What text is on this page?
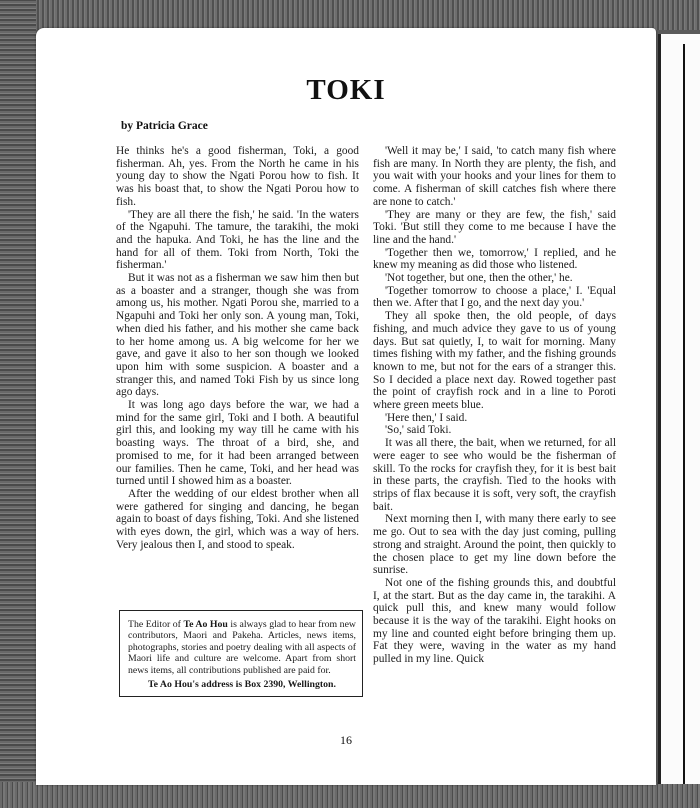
TOKI
by Patricia Grace

He thinks he's a good fisherman, Toki, a good fisherman. Ah, yes. From the North he came in his young day to show the Ngati Porou how to fish. It was his boast that, to show the Ngati Porou how to fish.

'They are all there the fish,' he said. 'In the waters of the Ngapuhi. The tamure, the tarakihi, the moki and the hapuka. And Toki, he has the line and the hand for all of them. Toki from North, Toki the fisherman.'

But it was not as a fisherman we saw him then but as a boaster and a stranger, though she was from among us, his mother. Ngati Porou she, married to a Ngapuhi and Toki her only son. A young man, Toki, when died his father, and his mother she came back to her home among us. A big welcome for her we gave, and gave it also to her son though we looked upon him with some suspicion. A boaster and a stranger this, and named Toki Fish by us since long ago days.

It was long ago days before the war, we had a mind for the same girl, Toki and I both. A beautiful girl this, and looking my way till he came with his boasting ways. The throat of a bird, she, and promised to me, for it had been arranged between our families. Then he came, Toki, and her head was turned until I showed him as a boaster.

After the wedding of our eldest brother when all were gathered for singing and dancing, he began again to boast of days fishing, Toki. And she listened with eyes down, the girl, which was a way of hers. Very jealous then I, and stood to speak.

'Well it may be,' I said, 'to catch many fish where fish are many. In North they are plenty, the fish, and you wait with your hooks and your lines for them to come. A fisherman of skill catches fish where there are none to catch.'

'They are many or they are few, the fish,' said Toki. 'But still they come to me because I have the line and the hand.'

'Together then we, tomorrow,' I replied, and he knew my meaning as did those who listened.

'Not together, but one, then the other,' he.

'Together tomorrow to choose a place,' I. 'Equal then we. After that I go, and the next day you.'

They all spoke then, the old people, of days fishing, and much advice they gave to us of young days. But sat quietly, I, to wait for morning. Many times fishing with my father, and the fishing grounds known to me, but not for the ears of a stranger this. So I decided a place next day. Rowed together past the point of crayfish rock and in a line to Poroti where green meets blue.

'Here then,' I said.

'So,' said Toki.

It was all there, the bait, when we returned, for all were eager to see who would be the fisherman of skill. To the rocks for crayfish they, for it is best bait in these parts, the crayfish. Tied to the hooks with strips of flax because it is soft, very soft, the crayfish bait.

Next morning then I, with many there early to see me go. Out to sea with the day just coming, pulling strong and straight. Around the point, then quickly to the chosen place to get my line down before the sunrise.

Not one of the fishing grounds this, and doubtful I, at the start. But as the day came in, the tarakihi. A quick pull this, and knew many would follow because it is the way of the tarakihi. Eight hooks on my line and counted eight before bringing them up. Fat they were, waving in the water as my hand pulled in my line. Quick

The Editor of Te Ao Hou is always glad to hear from new contributors, Maori and Pakeha. Articles, news items, photographs, stories and poetry dealing with all aspects of Maori life and culture are welcome. Apart from short news items, all contributions published are paid for.
Te Ao Hou's address is Box 2390, Wellington.
16
